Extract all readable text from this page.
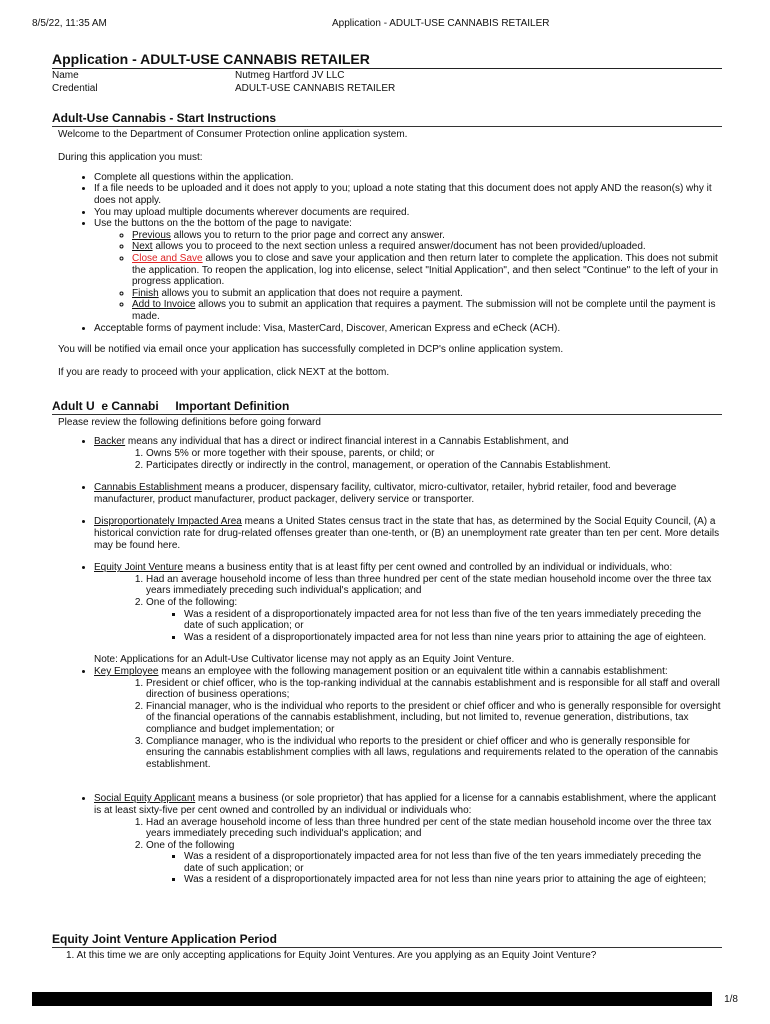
8/5/22, 11:35 AM	Application - ADULT-USE CANNABIS RETAILER
Application - ADULT-USE CANNABIS RETAILER
Name	Nutmeg Hartford JV LLC
Credential	ADULT-USE CANNABIS RETAILER
Adult-Use Cannabis - Start Instructions

Welcome to the Department of Consumer Protection online application system.

During this application you must:

• Complete all questions within the application.
• If a file needs to be uploaded and it does not apply to you; upload a note stating that this document does not apply AND the reason(s) why it does not apply.
• You may upload multiple documents wherever documents are required.
• Use the buttons on the the bottom of the page to navigate:
◦ Previous allows you to return to the prior page and correct any answer.
◦ Next allows you to proceed to the next section unless a required answer/document has not been provided/uploaded.
◦ Close and Save allows you to close and save your application and then return later to complete the application. This does not submit the application. To reopen the application, log into elicense, select "Initial Application", and then select "Continue" to the left of your in progress application.
◦ Finish allows you to submit an application that does not require a payment.
◦ Add to Invoice allows you to submit an application that requires a payment. The submission will not be complete until the payment is made.
• Acceptable forms of payment include: Visa, MasterCard, Discover, American Express and eCheck (ACH).

You will be notified via email once your application has successfully completed in DCP's online application system.

If you are ready to proceed with your application, click NEXT at the bottom.

Adult U  e Cannabi     Important Definition

Please review the following definitions before going forward

• Backer means any individual that has a direct or indirect financial interest in a Cannabis Establishment, and
1. Owns 5% or more together with their spouse, parents, or child; or
2. Participates directly or indirectly in the control, management, or operation of the Cannabis Establishment.
• Cannabis Establishment means a producer, dispensary facility, cultivator, micro-cultivator, retailer, hybrid retailer, food and beverage manufacturer, product manufacturer, product packager, delivery service or transporter.
• Disproportionately Impacted Area means a United States census tract in the state that has, as determined by the Social Equity Council, (A) a historical conviction rate for drug-related offenses greater than one-tenth, or (B) an unemployment rate greater than ten per cent. More details may be found here.
• Equity Joint Venture means a business entity that is at least fifty per cent owned and controlled by an individual or individuals, who:
1. Had an average household income of less than three hundred per cent of the state median household income over the three tax years immediately preceding such individual's application; and
2. One of the following:
▪ Was a resident of a disproportionately impacted area for not less than five of the ten years immediately preceding the date of such application; or
▪ Was a resident of a disproportionately impacted area for not less than nine years prior to attaining the age of eighteen.
Note: Applications for an Adult-Use Cultivator license may not apply as an Equity Joint Venture.
• Key Employee means an employee with the following management position or an equivalent title within a cannabis establishment:
1. President or chief officer, who is the top-ranking individual at the cannabis establishment and is responsible for all staff and overall direction of business operations;
2. Financial manager, who is the individual who reports to the president or chief officer and who is generally responsible for oversight of the financial operations of the cannabis establishment, including, but not limited to, revenue generation, distributions, tax compliance and budget implementation; or
3. Compliance manager, who is the individual who reports to the president or chief officer and who is generally responsible for ensuring the cannabis establishment complies with all laws, regulations and requirements related to the operation of the cannabis establishment.
• Social Equity Applicant means a business (or sole proprietor) that has applied for a license for a cannabis establishment, where the applicant is at least sixty-five per cent owned and controlled by an individual or individuals who:
1. Had an average household income of less than three hundred per cent of the state median household income over the three tax years immediately preceding such individual's application; and
2. One of the following
▪ Was a resident of a disproportionately impacted area for not less than five of the ten years immediately preceding the date of such application; or
▪ Was a resident of a disproportionately impacted area for not less than nine years prior to attaining the age of eighteen;
Equity Joint Venture Application Period
1. At this time we are only accepting applications for Equity Joint Ventures. Are you applying as an Equity Joint Venture?
1/8
